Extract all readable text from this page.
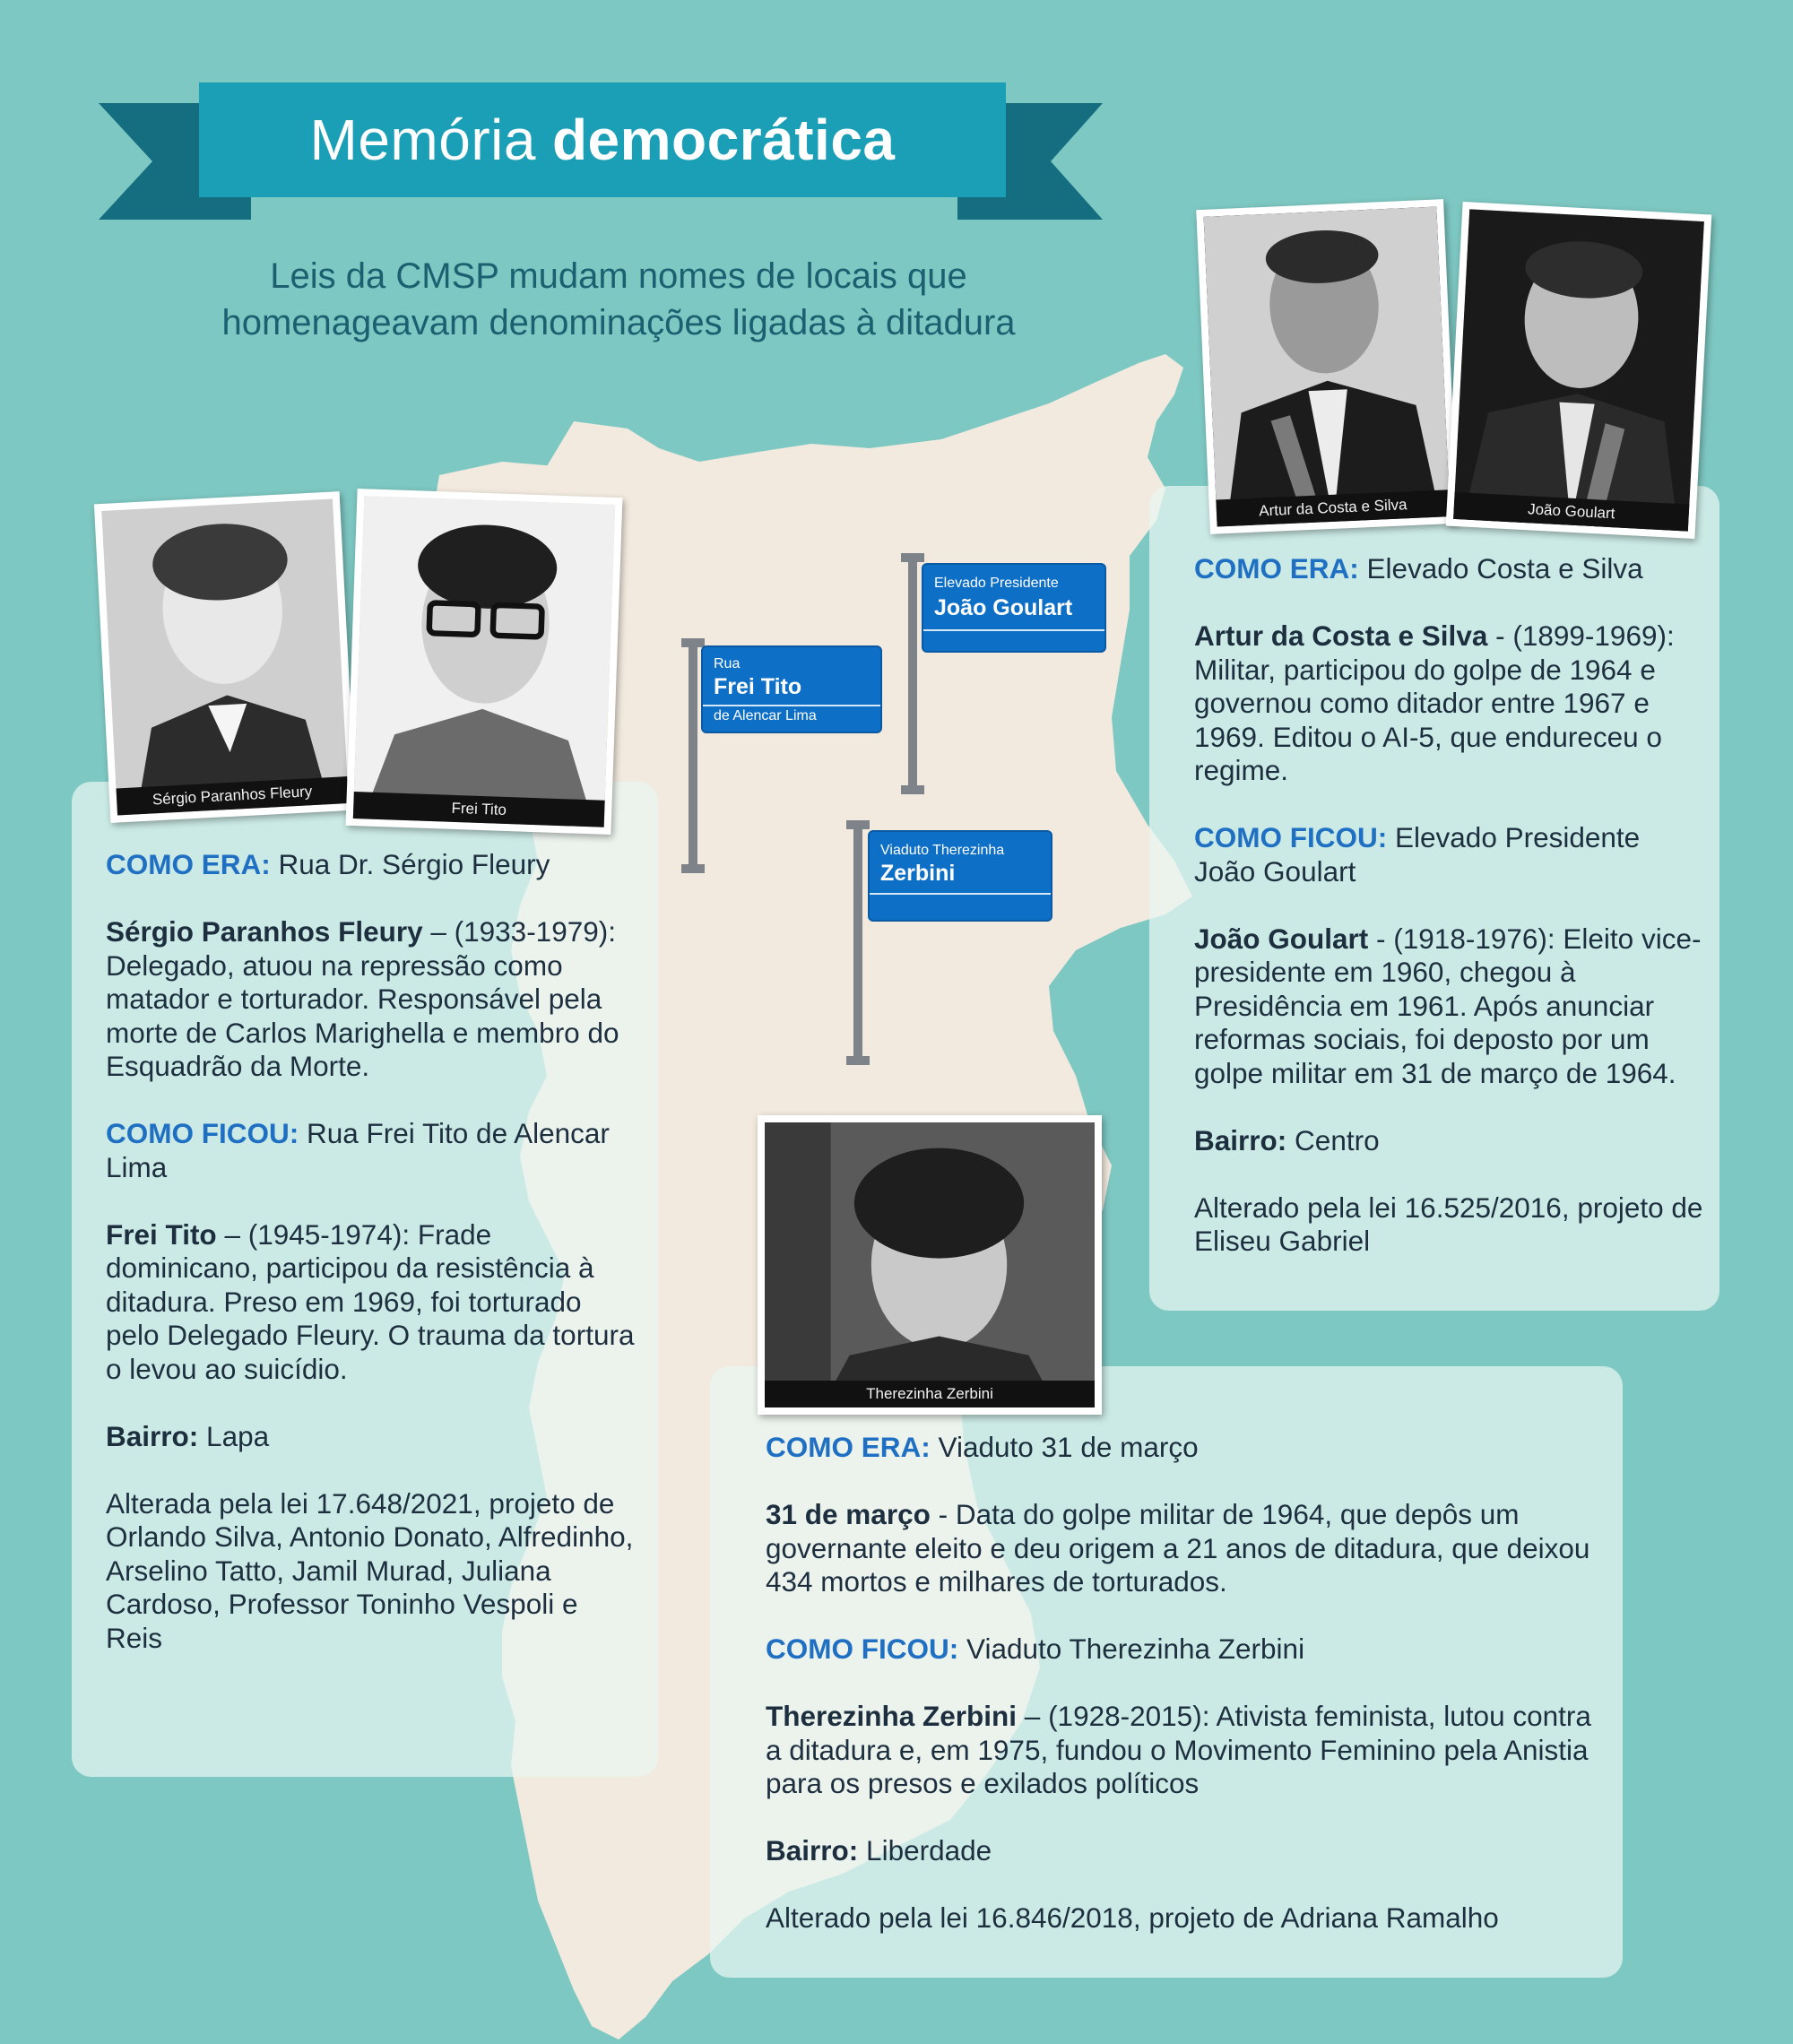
Memória democrática
Leis da CMSP mudam nomes de locais que
homenageavam denominações ligadas à ditadura
Rua
Frei Tito
de Alencar Lima
Elevado Presidente
João Goulart
Viaduto Therezinha
Zerbini
Sérgio Paranhos Fleury
Frei Tito
Artur da Costa e Silva	João Goulart
Therezinha Zerbini

COMO ERA: Rua Dr. Sérgio Fleury

Sérgio Paranhos Fleury – (1933-1979): Delegado, atuou na repressão como matador e torturador. Responsável pela morte de Carlos Marighella e membro do Esquadrão da Morte.

COMO FICOU: Rua Frei Tito de Alencar Lima

Frei Tito – (1945-1974): Frade dominicano, participou da resistência à ditadura. Preso em 1969, foi torturado pelo Delegado Fleury. O trauma da tortura o levou ao suicídio.

Bairro: Lapa

Alterada pela lei 17.648/2021, projeto de Orlando Silva, Antonio Donato, Alfredinho, Arselino Tatto, Jamil Murad, Juliana Cardoso, Professor Toninho Vespoli e Reis

COMO ERA: Elevado Costa e Silva

Artur da Costa e Silva - (1899-1969): Militar, participou do golpe de 1964 e governou como ditador entre 1967 e 1969. Editou o AI-5, que endureceu o regime.

COMO FICOU: Elevado Presidente João Goulart

João Goulart - (1918-1976): Eleito vice-presidente em 1960, chegou à Presidência em 1961. Após anunciar reformas sociais, foi deposto por um golpe militar em 31 de março de 1964.

Bairro: Centro

Alterado pela lei 16.525/2016, projeto de Eliseu Gabriel

COMO ERA: Viaduto 31 de março

31 de março - Data do golpe militar de 1964, que depôs um governante eleito e deu origem a 21 anos de ditadura, que deixou 434 mortos e milhares de torturados.

COMO FICOU: Viaduto Therezinha Zerbini

Therezinha Zerbini – (1928-2015): Ativista feminista, lutou contra a ditadura e, em 1975, fundou o Movimento Feminino pela Anistia para os presos e exilados políticos

Bairro: Liberdade

Alterado pela lei 16.846/2018, projeto de Adriana Ramalho
